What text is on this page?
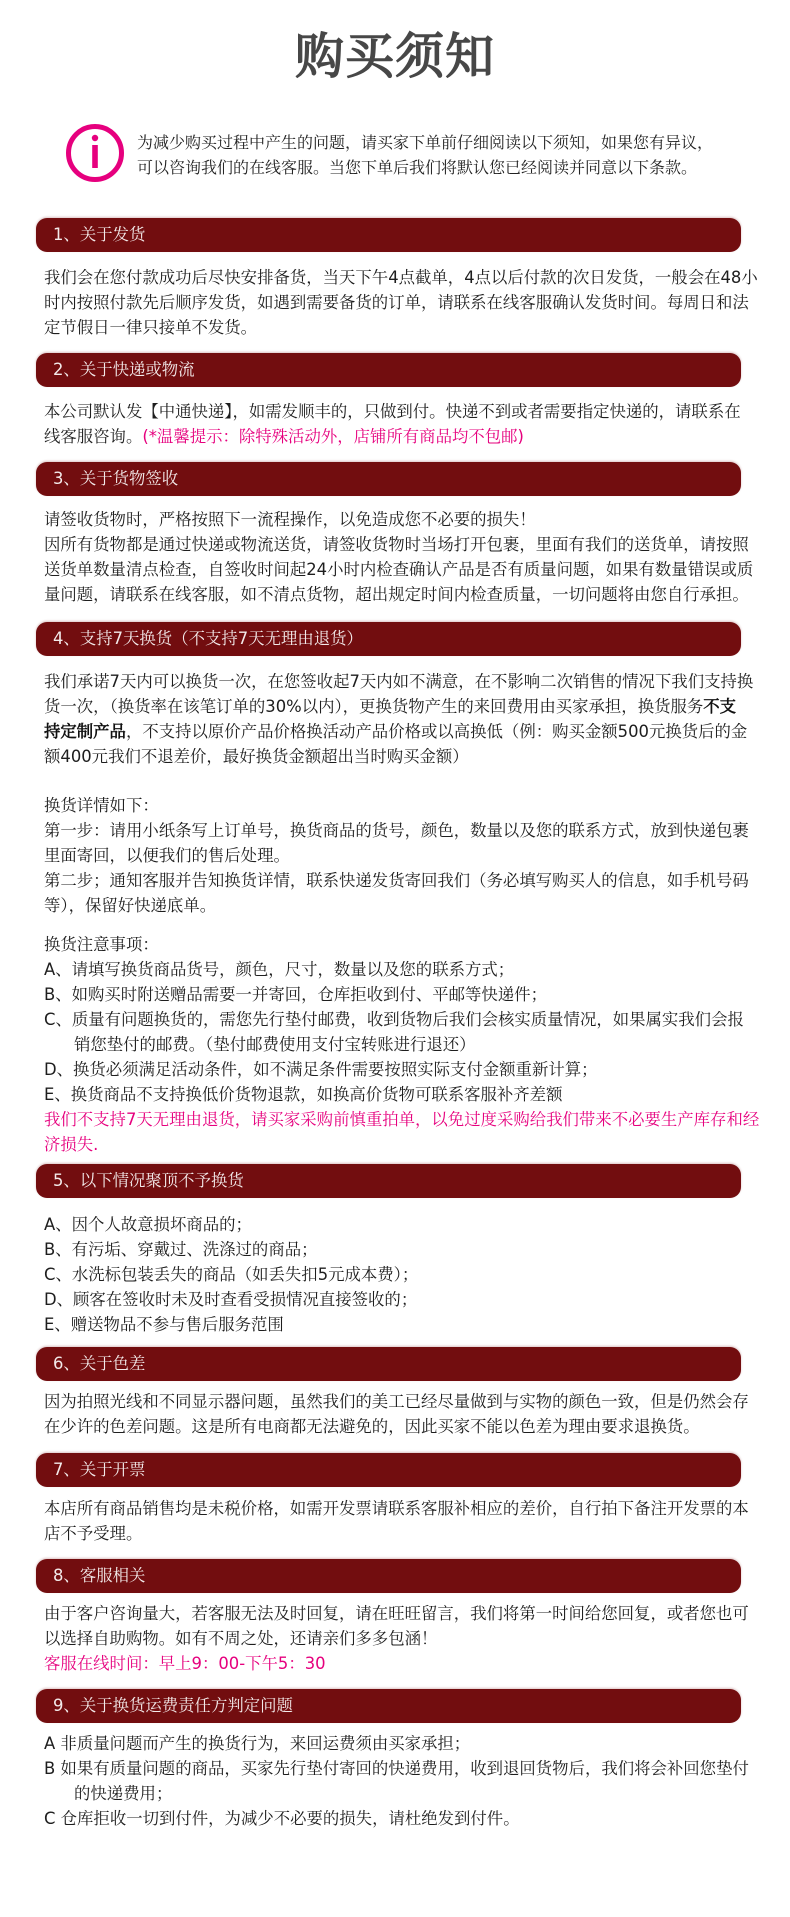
购买须知
为减少购买过程中产生的问题，请买家下单前仔细阅读以下须知，如果您有异议，
可以咨询我们的在线客服。当您下单后我们将默认您已经阅读并同意以下条款。
1、关于发货
我们会在您付款成功后尽快安排备货，当天下午4点截单，4点以后付款的次日发货，一般会在48小
时内按照付款先后顺序发货，如遇到需要备货的订单，请联系在线客服确认发货时间。每周日和法
定节假日一律只接单不发货。
2、关于快递或物流
本公司默认发【中通快递】，如需发顺丰的，只做到付。快递不到或者需要指定快递的，请联系在
线客服咨询。(*温馨提示：除特殊活动外，店铺所有商品均不包邮)
3、关于货物签收
请签收货物时，严格按照下一流程操作，以免造成您不必要的损失！
因所有货物都是通过快递或物流送货，请签收货物时当场打开包裹，里面有我们的送货单，请按照
送货单数量清点检查，自签收时间起24小时内检查确认产品是否有质量问题，如果有数量错误或质
量问题，请联系在线客服，如不清点货物，超出规定时间内检查质量，一切问题将由您自行承担。
4、支持7天换货（不支持7天无理由退货）
我们承诺7天内可以换货一次，在您签收起7天内如不满意，在不影响二次销售的情况下我们支持换
货一次，（换货率在该笔订单的30%以内），更换货物产生的来回费用由买家承担，换货服务不支
持定制产品，不支持以原价产品价格换活动产品价格或以高换低（例：购买金额500元换货后的金
额400元我们不退差价，最好换货金额超出当时购买金额）
换货详情如下：
第一步：请用小纸条写上订单号，换货商品的货号，颜色，数量以及您的联系方式，放到快递包裹
里面寄回，以便我们的售后处理。
第二步；通知客服并告知换货详情，联系快递发货寄回我们（务必填写购买人的信息，如手机号码
等），保留好快递底单。
换货注意事项：
A、请填写换货商品货号，颜色，尺寸，数量以及您的联系方式；
B、如购买时附送赠品需要一并寄回，仓库拒收到付、平邮等快递件；
C、质量有问题换货的，需您先行垫付邮费，收到货物后我们会核实质量情况，如果属实我们会报
销您垫付的邮费。（垫付邮费使用支付宝转账进行退还）
D、换货必须满足活动条件，如不满足条件需要按照实际支付金额重新计算；
E、换货商品不支持换低价货物退款，如换高价货物可联系客服补齐差额
我们不支持7天无理由退货，请买家采购前慎重拍单，以免过度采购给我们带来不必要生产库存和经
济损失.
5、以下情况聚顶不予换货
A、因个人故意损坏商品的；
B、有污垢、穿戴过、洗涤过的商品；
C、水洗标包装丢失的商品（如丢失扣5元成本费）；
D、顾客在签收时未及时查看受损情况直接签收的；
E、赠送物品不参与售后服务范围
6、关于色差
因为拍照光线和不同显示器问题，虽然我们的美工已经尽量做到与实物的颜色一致，但是仍然会存
在少许的色差问题。这是所有电商都无法避免的，因此买家不能以色差为理由要求退换货。
7、关于开票
本店所有商品销售均是未税价格，如需开发票请联系客服补相应的差价，自行拍下备注开发票的本
店不予受理。
8、客服相关
由于客户咨询量大，若客服无法及时回复，请在旺旺留言，我们将第一时间给您回复，或者您也可
以选择自助购物。如有不周之处，还请亲们多多包涵！
客服在线时间：早上9：00-下午5：30
9、关于换货运费责任方判定问题
A 非质量问题而产生的换货行为，来回运费须由买家承担；
B 如果有质量问题的商品，买家先行垫付寄回的快递费用，收到退回货物后，我们将会补回您垫付
的快递费用；
C 仓库拒收一切到付件，为减少不必要的损失，请杜绝发到付件。
